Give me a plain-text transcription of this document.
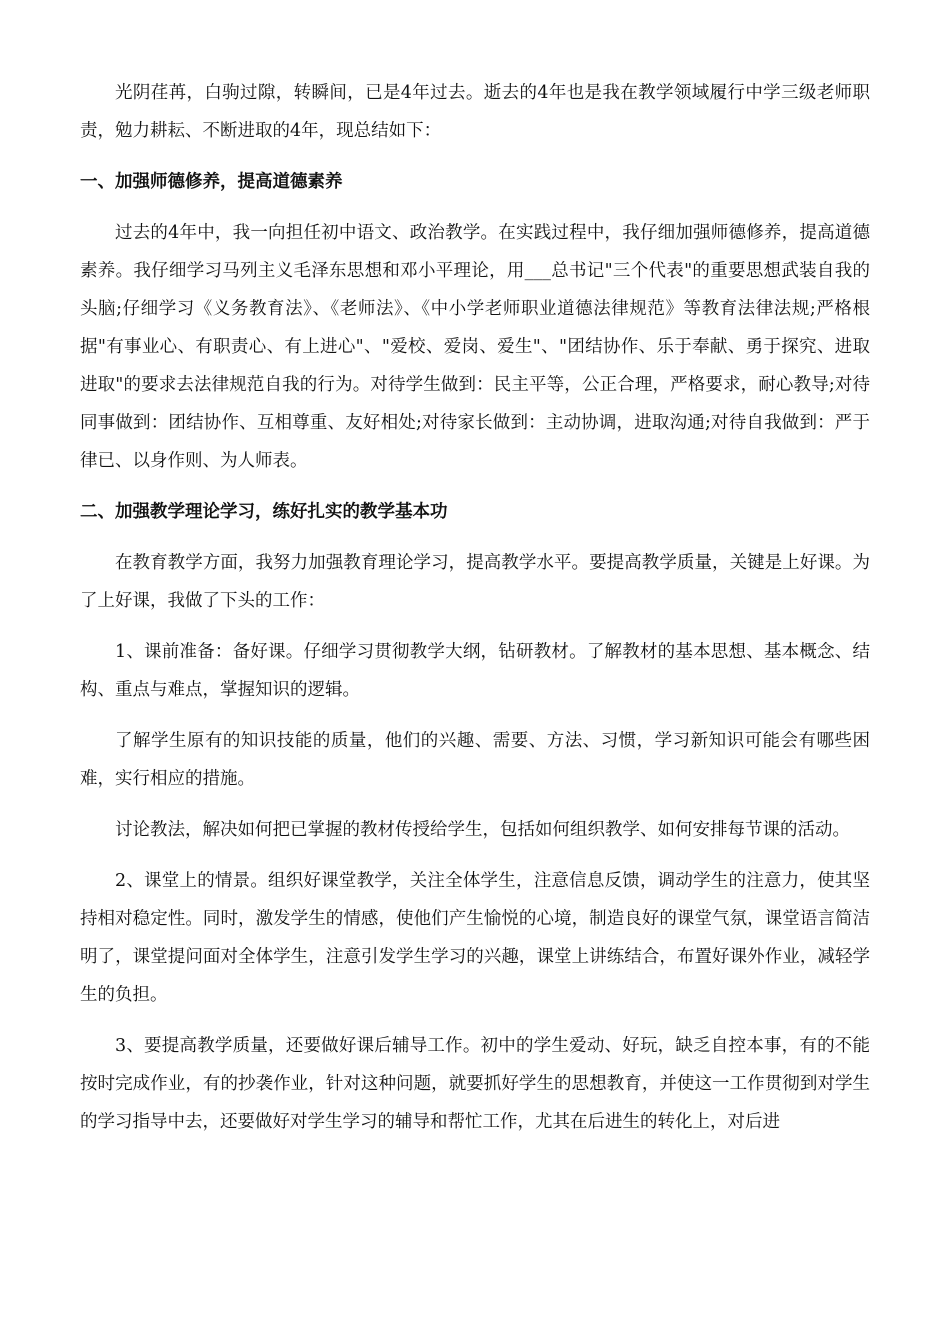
光阴荏苒，白驹过隙，转瞬间，已是4年过去。逝去的4年也是我在教学领域履行中学三级老师职责，勉力耕耘、不断进取的4年，现总结如下：

一、加强师德修养，提高道德素养

过去的4年中，我一向担任初中语文、政治教学。在实践过程中，我仔细加强师德修养，提高道德素养。我仔细学习马列主义毛泽东思想和邓小平理论，用___总书记"三个代表"的重要思想武装自我的头脑;仔细学习《义务教育法》、《老师法》、《中小学老师职业道德法律规范》等教育法律法规;严格根据"有事业心、有职责心、有上进心"、"爱校、爱岗、爱生"、"团结协作、乐于奉献、勇于探究、进取进取"的要求去法律规范自我的行为。对待学生做到：民主平等，公正合理，严格要求，耐心教导;对待同事做到：团结协作、互相尊重、友好相处;对待家长做到：主动协调，进取沟通;对待自我做到：严于律已、以身作则、为人师表。

二、加强教学理论学习，练好扎实的教学基本功

在教育教学方面，我努力加强教育理论学习，提高教学水平。要提高教学质量，关键是上好课。为了上好课，我做了下头的工作：

1、课前准备：备好课。仔细学习贯彻教学大纲，钻研教材。了解教材的基本思想、基本概念、结构、重点与难点，掌握知识的逻辑。

了解学生原有的知识技能的质量，他们的兴趣、需要、方法、习惯，学习新知识可能会有哪些困难，实行相应的措施。

讨论教法，解决如何把已掌握的教材传授给学生，包括如何组织教学、如何安排每节课的活动。

2、课堂上的情景。组织好课堂教学，关注全体学生，注意信息反馈，调动学生的注意力，使其坚持相对稳定性。同时，激发学生的情感，使他们产生愉悦的心境，制造良好的课堂气氛，课堂语言简洁明了，课堂提问面对全体学生，注意引发学生学习的兴趣，课堂上讲练结合，布置好课外作业，减轻学生的负担。

3、要提高教学质量，还要做好课后辅导工作。初中的学生爱动、好玩，缺乏自控本事，有的不能按时完成作业，有的抄袭作业，针对这种问题，就要抓好学生的思想教育，并使这一工作贯彻到对学生的学习指导中去，还要做好对学生学习的辅导和帮忙工作，尤其在后进生的转化上，对后进
